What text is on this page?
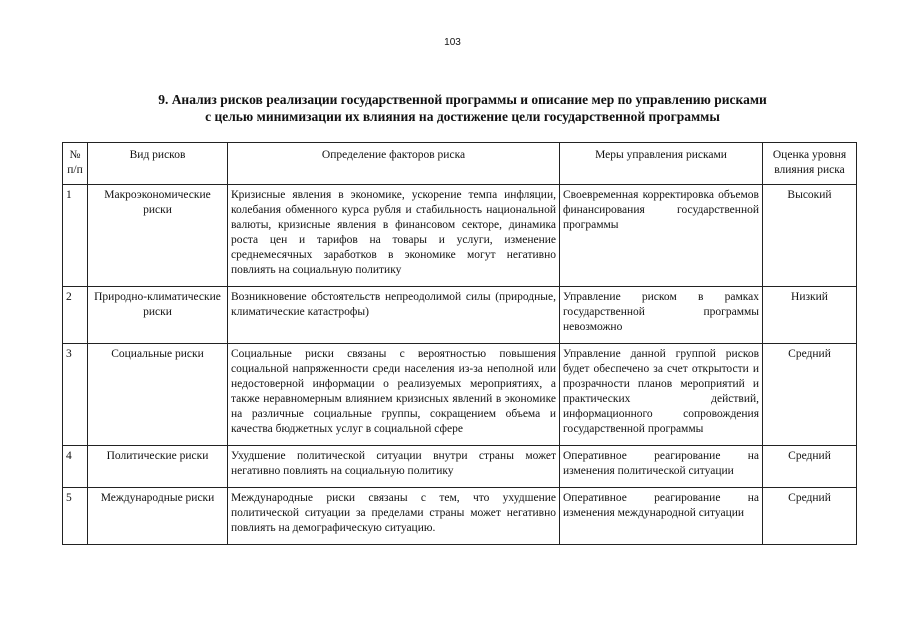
103
9. Анализ рисков реализации государственной программы и описание мер по управлению рисками
с целью минимизации их влияния на достижение цели государственной программы
№ п/п	Вид рисков	Определение факторов риска	Меры управления рисками	Оценка уровня влияния риска
1	Макроэкономические риски	Кризисные явления в экономике, ускорение темпа инфляции, колебания обменного курса рубля и стабильность национальной валюты, кризисные явления в финансовом секторе, динамика роста цен и тарифов на товары и услуги, изменение среднемесячных заработков в экономике могут негативно повлиять на социальную политику	Своевременная корректировка объемов финансирования государственной программы	Высокий
2	Природно-климатические риски	Возникновение обстоятельств непреодолимой силы (природные, климатические катастрофы)	Управление риском в рамках государственной программы невозможно	Низкий
3	Социальные риски	Социальные риски связаны с вероятностью повышения социальной напряженности среди населения из-за неполной или недостоверной информации о реализуемых мероприятиях, а также неравномерным влиянием кризисных явлений в экономике на различные социальные группы, сокращением объема и качества бюджетных услуг в социальной сфере	Управление данной группой рисков будет обеспечено за счет открытости и прозрачности планов мероприятий и практических действий, информационного сопровождения государственной программы	Средний
4	Политические риски	Ухудшение политической ситуации внутри страны может негативно повлиять на социальную политику	Оперативное реагирование на изменения политической ситуации	Средний
5	Международные риски	Международные риски связаны с тем, что ухудшение политической ситуации за пределами страны может негативно повлиять на демографическую ситуацию.	Оперативное реагирование на изменения международной ситуации	Средний
